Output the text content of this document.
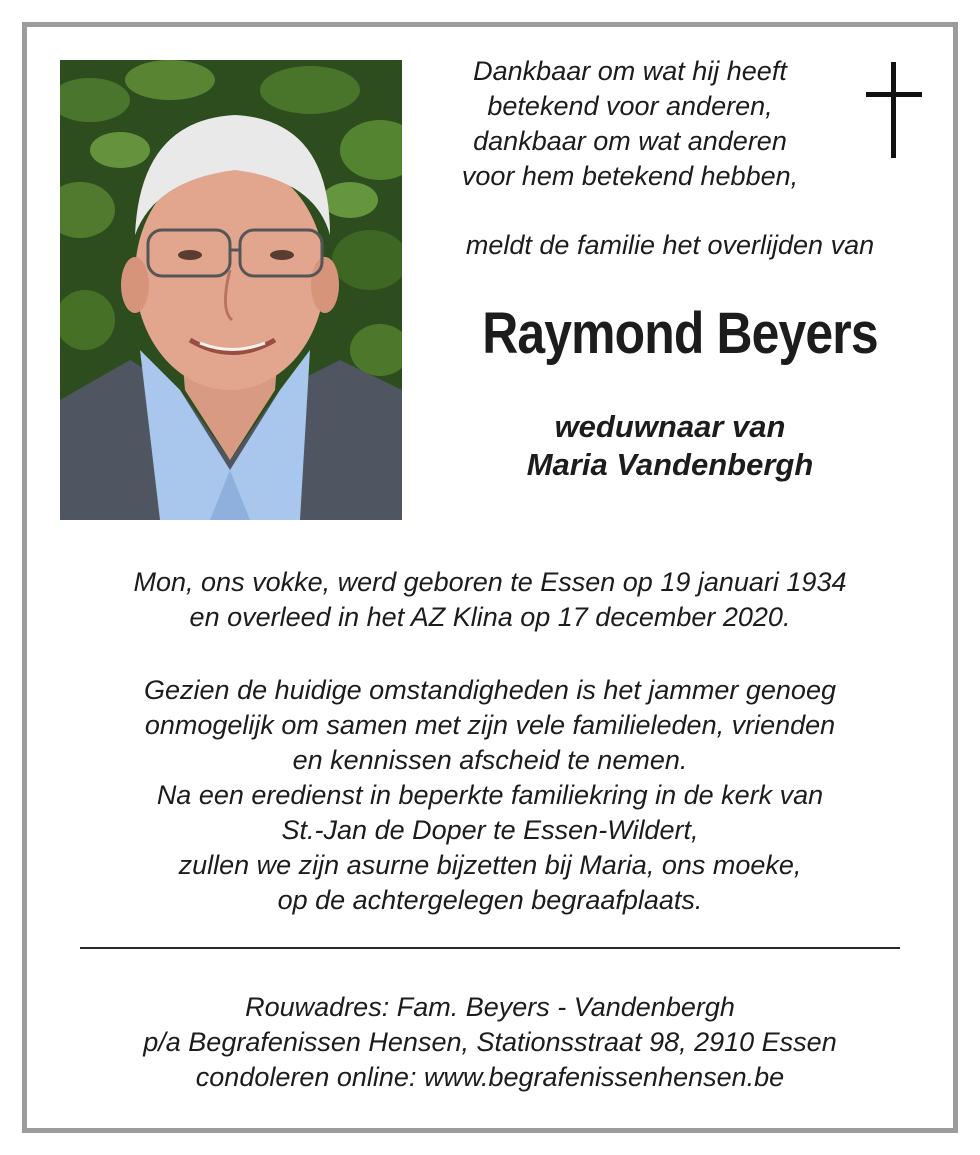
Dankbaar om wat hij heeft
betekend voor anderen,
dankbaar om wat anderen
voor hem betekend hebben,
meldt de familie het overlijden van
Raymond Beyers
weduwnaar van
Maria Vandenbergh
Mon, ons vokke, werd geboren te Essen op 19 januari 1934
en overleed in het AZ Klina op 17 december 2020.
Gezien de huidige omstandigheden is het jammer genoeg
onmogelijk om samen met zijn vele familieleden, vrienden
en kennissen afscheid te nemen.
Na een eredienst in beperkte familiekring in de kerk van
St.-Jan de Doper te Essen-Wildert,
zullen we zijn asurne bijzetten bij Maria, ons moeke,
op de achtergelegen begraafplaats.
Rouwadres: Fam. Beyers - Vandenbergh
p/a Begrafenissen Hensen, Stationsstraat 98, 2910 Essen
condoleren online: www.begrafenissenhensen.be
